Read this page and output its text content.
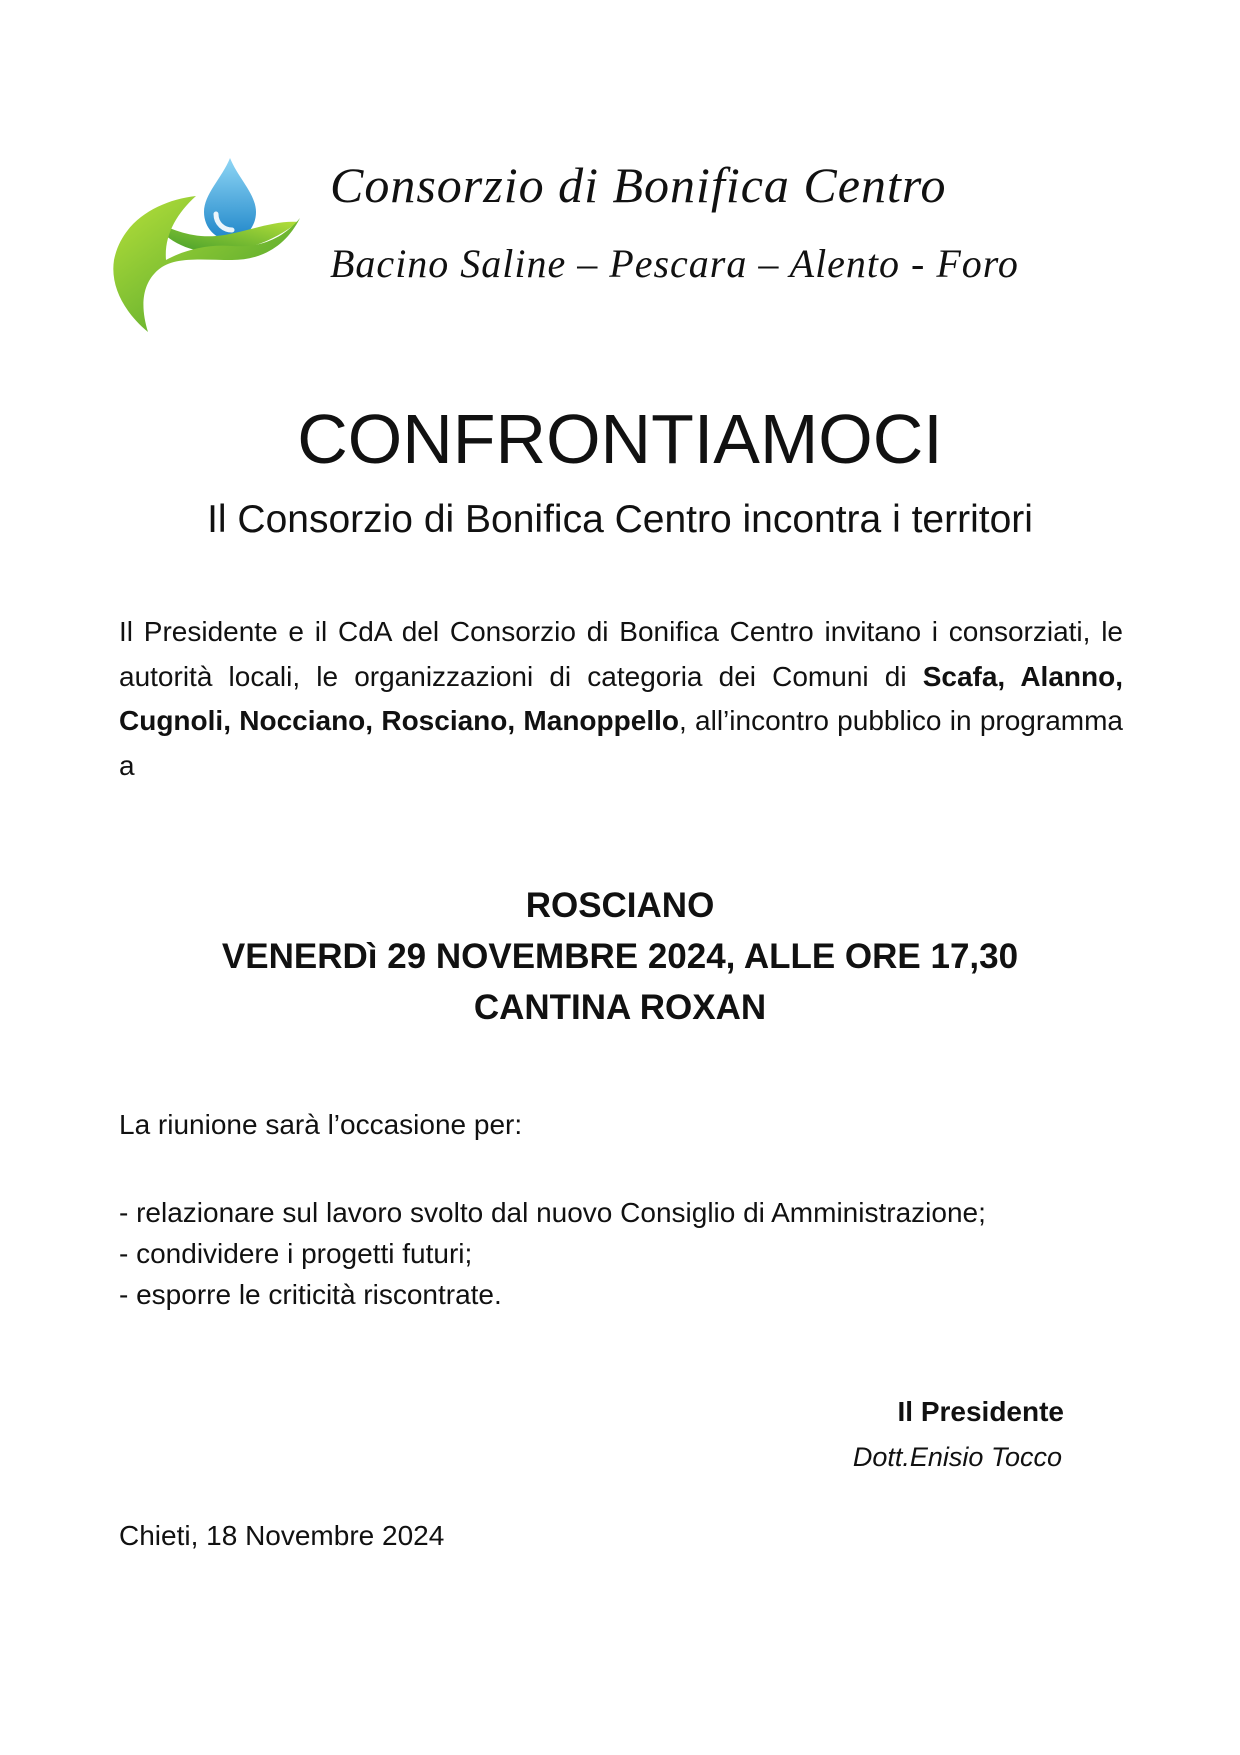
Consorzio di Bonifica Centro
Bacino Saline – Pescara – Alento - Foro
CONFRONTIAMOCI
Il Consorzio di Bonifica Centro incontra i territori
Il Presidente e il CdA del Consorzio di Bonifica Centro invitano i consorziati, le autorità locali, le organizzazioni di categoria dei Comuni di Scafa, Alanno, Cugnoli, Nocciano, Rosciano, Manoppello, all’incontro pubblico in programma a
ROSCIANO
VENERDì 29 NOVEMBRE 2024, ALLE ORE 17,30
CANTINA ROXAN
La riunione sarà l’occasione per:
- relazionare sul lavoro svolto dal nuovo Consiglio di Amministrazione;
- condividere i progetti futuri;
- esporre le criticità riscontrate.
Il Presidente
Dott.Enisio Tocco
Chieti, 18 Novembre 2024
